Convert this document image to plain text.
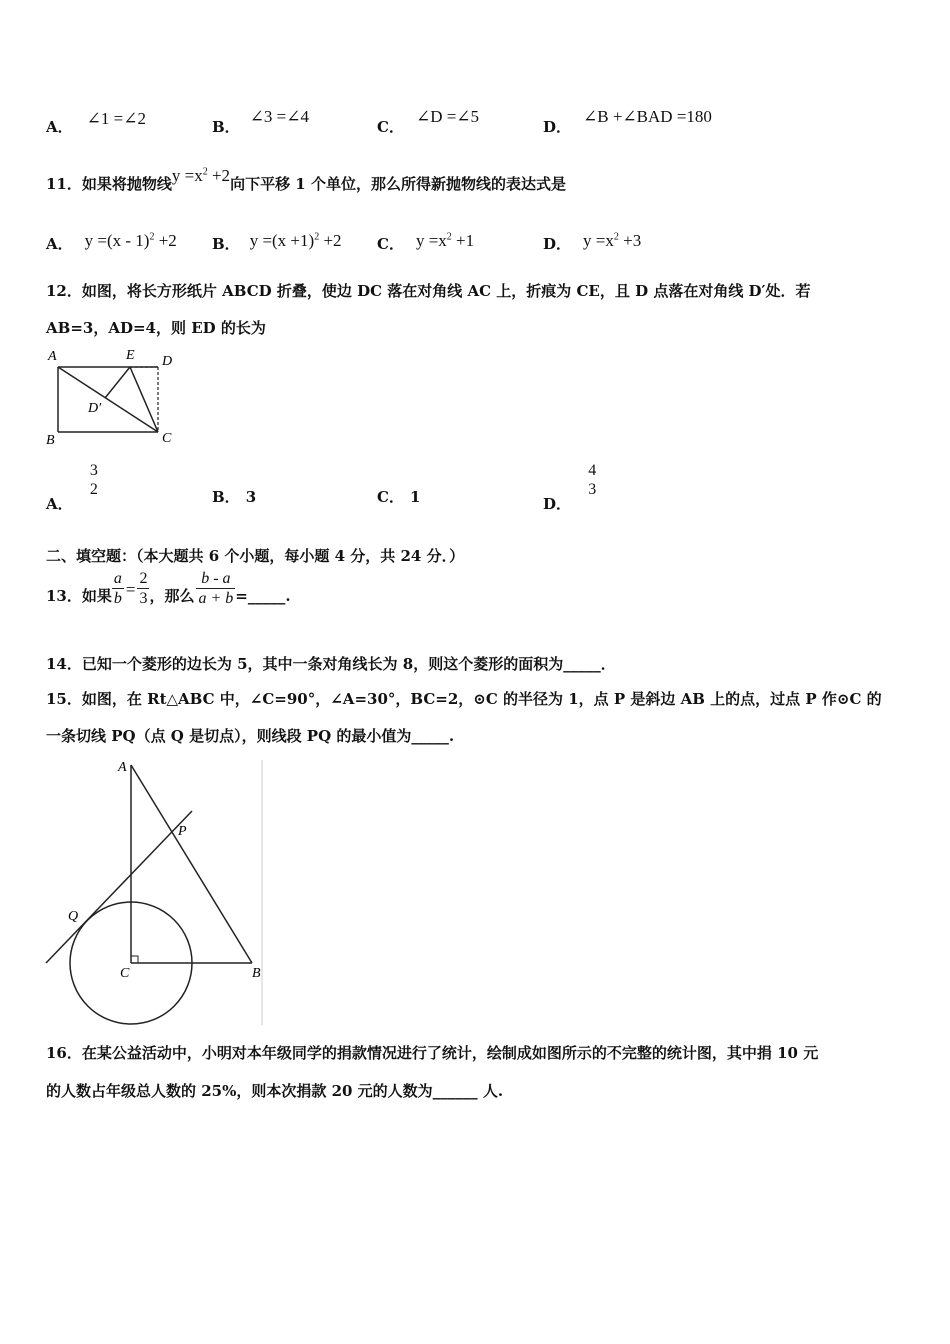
A． ∠1 =∠2	B．∠3 =∠4
C．∠D =∠5
D．∠B +∠BAD =180
11．如果将抛物线$y =x^2 +2$向下平移 1 个单位，那么所得新抛物线的表达式是
A． y =(x - 1)$^2$ +2 B． $y =(x +1)^2 +2$ C． $y =x^2 +1$	D． $y =x^2 +3$
12．如图，将长方形纸片 ABCD 折叠，使边 DC 落在对角线 AC 上，折痕为 CE，且 D 点落在对角线 D′处．若
AB=3，AD=4，则 ED 的长为
A	E D
D′
B	C
A．
3
2	B． 3	C． 1	D．
4
3
二、填空题：（本大题共 6 个小题，每小题 4 分，共 24 分．）
13．如果 $\frac{a}{b} = \frac{2}{3}$ ，那么 $\frac{b - a}{a + b}$ =_____.
14．已知一个菱形的边长为 5，其中一条对角线长为 8，则这个菱形的面积为_____．
15．如图，在 Rt△ABC 中，∠C=90°，∠A=30°，BC=2，⊙C 的半径为 1，点 P 是斜边 AB 上的点，过点 P 作⊙C 的
一条切线 PQ（点 Q 是切点），则线段 PQ 的最小值为_____.
A
P
Q
C	B
16．在某公益活动中，小明对本年级同学的捐款情况进行了统计，绘制成如图所示的不完整的统计图，其中捐 10 元
的人数占年级总人数的 25%，则本次捐款 20 元的人数为______ 人.
